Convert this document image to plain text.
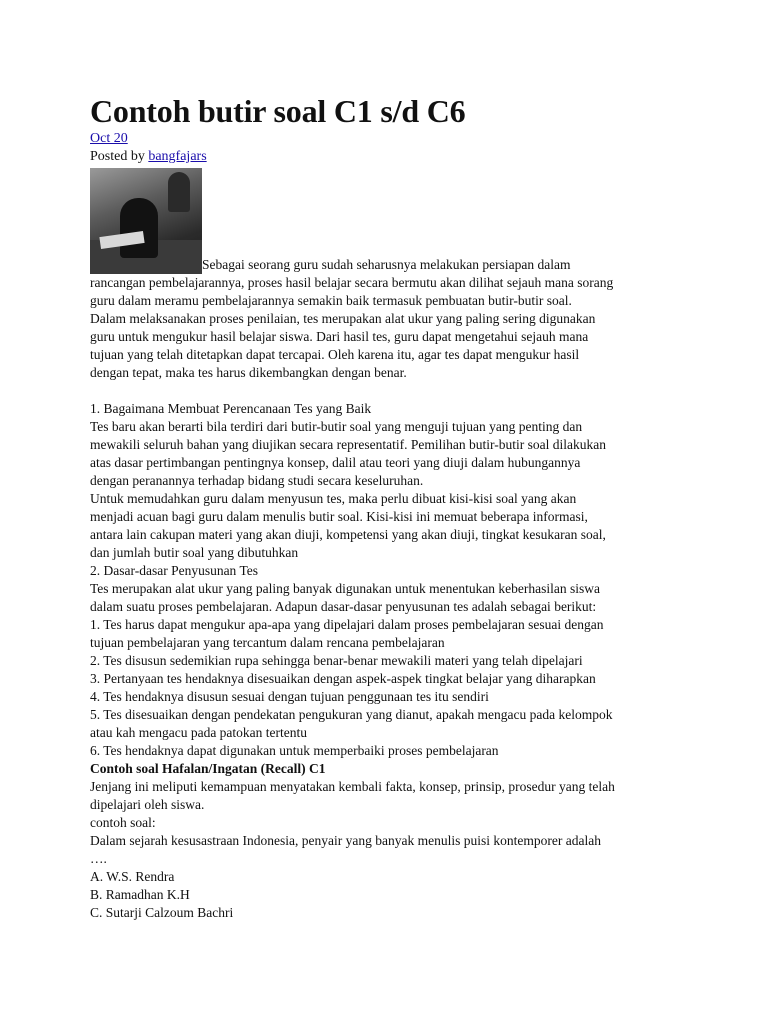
Contoh butir soal C1 s/d C6
Oct 20
Posted by bangfajars
Sebagai seorang guru sudah seharusnya melakukan persiapan dalam

rancangan pembelajarannya, proses hasil belajar secara bermutu akan dilihat sejauh mana sorang
guru dalam meramu pembelajarannya semakin baik termasuk pembuatan butir-butir soal.
Dalam melaksanakan proses penilaian, tes merupakan alat ukur yang paling sering digunakan
guru untuk mengukur hasil belajar siswa. Dari hasil tes, guru dapat mengetahui sejauh mana
tujuan yang telah ditetapkan dapat tercapai. Oleh karena itu, agar tes dapat mengukur hasil
dengan tepat, maka tes harus dikembangkan dengan benar.

1. Bagaimana Membuat Perencanaan Tes yang Baik
Tes baru akan berarti bila terdiri dari butir-butir soal yang menguji tujuan yang penting dan
mewakili seluruh bahan yang diujikan secara representatif. Pemilihan butir-butir soal dilakukan
atas dasar pertimbangan pentingnya konsep, dalil atau teori yang diuji dalam hubungannya
dengan peranannya terhadap bidang studi secara keseluruhan.
Untuk memudahkan guru dalam menyusun tes, maka perlu dibuat kisi-kisi soal yang akan
menjadi acuan bagi guru dalam menulis butir soal. Kisi-kisi ini memuat beberapa informasi,
antara lain cakupan materi yang akan diuji, kompetensi yang akan diuji, tingkat kesukaran soal,
dan jumlah butir soal yang dibutuhkan
2. Dasar-dasar Penyusunan Tes
Tes merupakan alat ukur yang paling banyak digunakan untuk menentukan keberhasilan siswa
dalam suatu proses pembelajaran. Adapun dasar-dasar penyusunan tes adalah sebagai berikut:
1. Tes harus dapat mengukur apa-apa yang dipelajari dalam proses pembelajaran sesuai dengan
tujuan pembelajaran yang tercantum dalam rencana pembelajaran
2. Tes disusun sedemikian rupa sehingga benar-benar mewakili materi yang telah dipelajari
3. Pertanyaan tes hendaknya disesuaikan dengan aspek-aspek tingkat belajar yang diharapkan
4. Tes hendaknya disusun sesuai dengan tujuan penggunaan tes itu sendiri
5. Tes disesuaikan dengan pendekatan pengukuran yang dianut, apakah mengacu pada kelompok
atau kah mengacu pada patokan tertentu
6. Tes hendaknya dapat digunakan untuk memperbaiki proses pembelajaran

Contoh soal Hafalan/Ingatan (Recall) C1

Jenjang ini meliputi kemampuan menyatakan kembali fakta, konsep, prinsip, prosedur yang telah
dipelajari oleh siswa.
contoh soal:
Dalam sejarah kesusastraan Indonesia, penyair yang banyak menulis puisi kontemporer adalah
….
A. W.S. Rendra
B. Ramadhan K.H
C. Sutarji Calzoum Bachri
